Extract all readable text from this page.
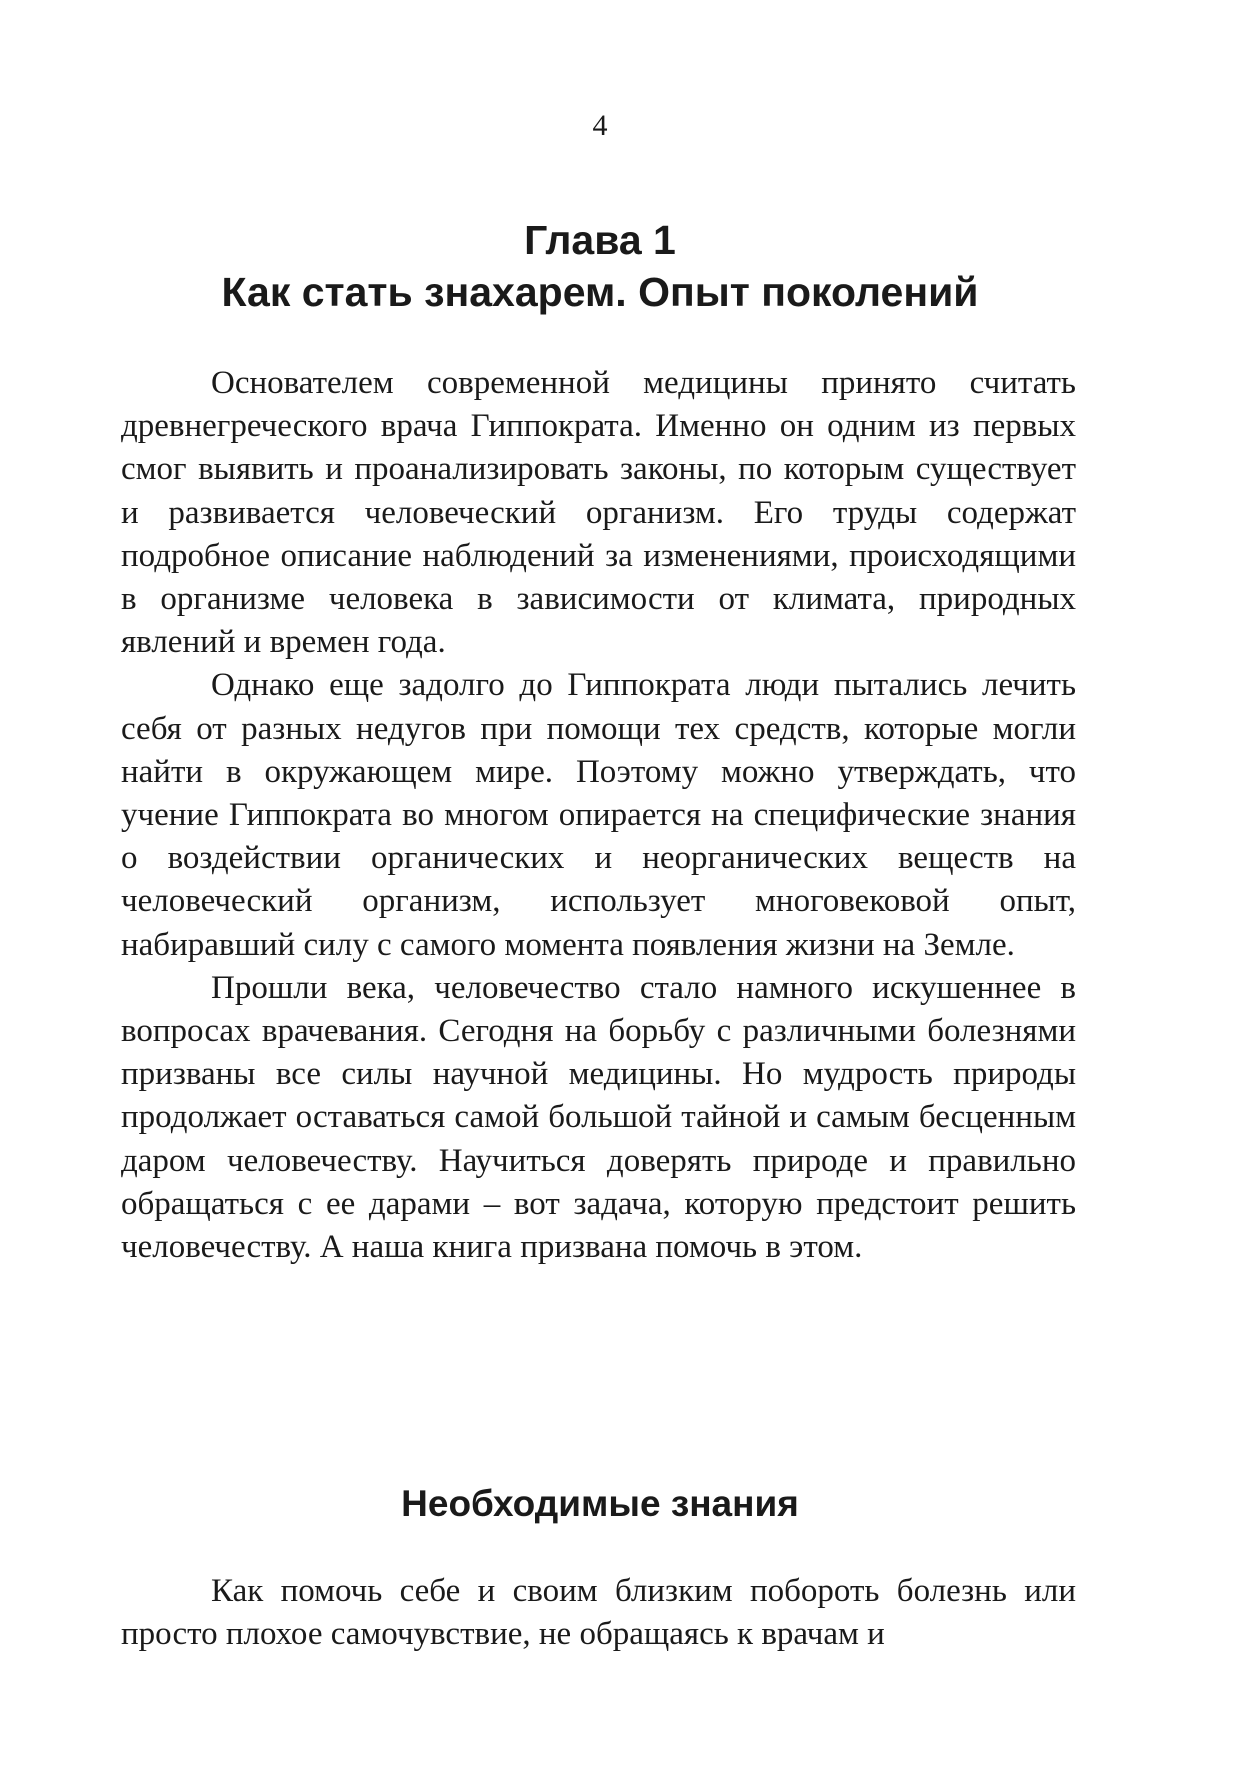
4
Глава 1
Как стать знахарем. Опыт поколений

Основателем современной медицины принято считать древнегреческого врача Гиппократа. Именно он одним из первых смог выявить и проанализировать законы, по которым существует и развивается человеческий организм. Его труды содержат подробное описание наблюдений за изменениями, происходящими в организме человека в зависимости от климата, природных явлений и времен года.

Однако еще задолго до Гиппократа люди пытались лечить себя от разных недугов при помощи тех средств, которые могли найти в окружающем мире. Поэтому можно утверждать, что учение Гиппократа во многом опирается на специфические знания о воздействии органических и неорганических веществ на человеческий организм, использует многовековой опыт, набиравший силу с самого момента появления жизни на Земле.

Прошли века, человечество стало намного искушеннее в вопросах врачевания. Сегодня на борьбу с различными болезнями призваны все силы научной медицины. Но мудрость природы продолжает оставаться самой большой тайной и самым бесценным даром человечеству. Научиться доверять природе и правильно обращаться с ее дарами – вот задача, которую предстоит решить человечеству. А наша книга призвана помочь в этом.

Необходимые знания

Как помочь себе и своим близким побороть болезнь или просто плохое самочувствие, не обращаясь к врачам и
